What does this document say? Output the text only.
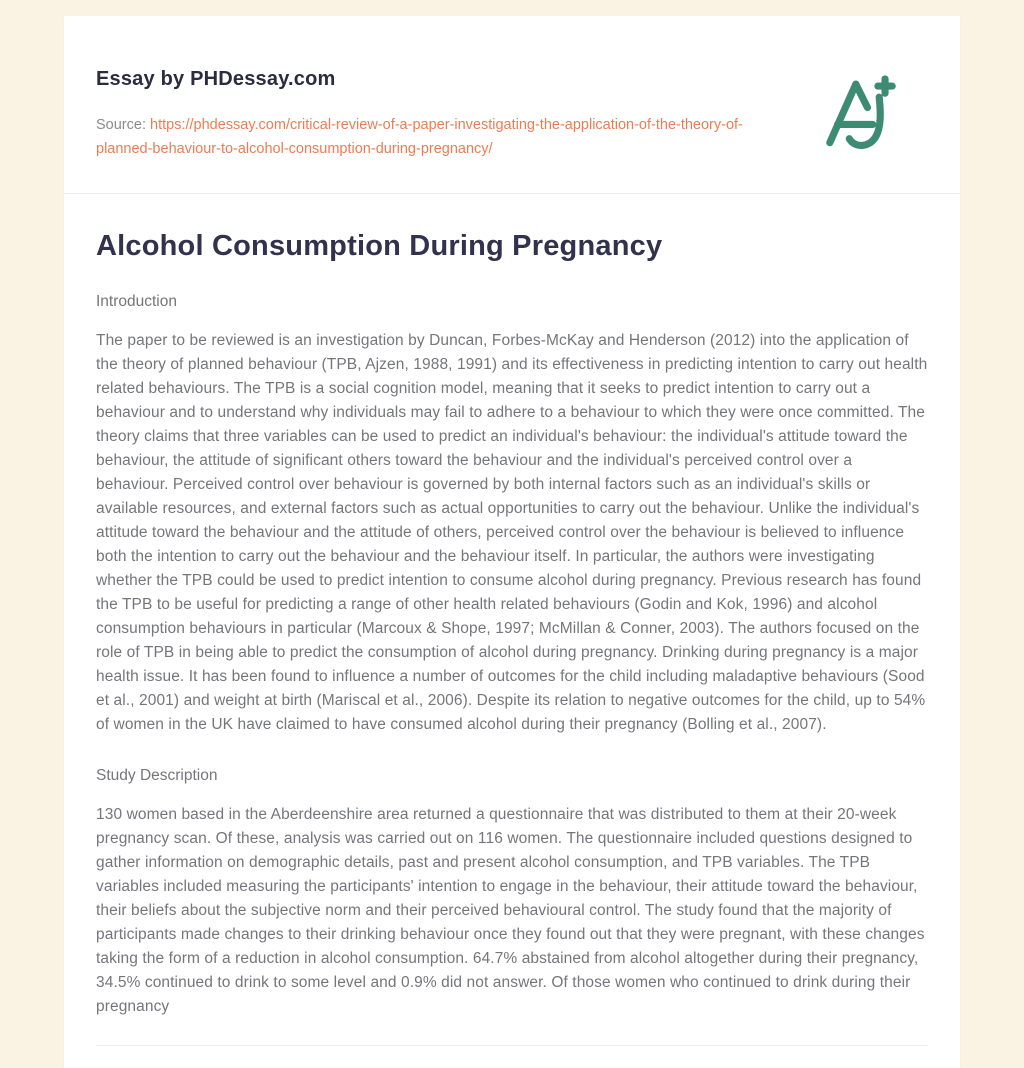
Essay by PHDessay.com
Source: https://phdessay.com/critical-review-of-a-paper-investigating-the-application-of-the-theory-of-planned-behaviour-to-alcohol-consumption-during-pregnancy/
Alcohol Consumption During Pregnancy
Introduction

The paper to be reviewed is an investigation by Duncan, Forbes-McKay and Henderson (2012) into the application of the theory of planned behaviour (TPB, Ajzen, 1988, 1991) and its effectiveness in predicting intention to carry out health related behaviours. The TPB is a social cognition model, meaning that it seeks to predict intention to carry out a behaviour and to understand why individuals may fail to adhere to a behaviour to which they were once committed. The theory claims that three variables can be used to predict an individual's behaviour: the individual's attitude toward the behaviour, the attitude of significant others toward the behaviour and the individual's perceived control over a behaviour. Perceived control over behaviour is governed by both internal factors such as an individual's skills or available resources, and external factors such as actual opportunities to carry out the behaviour. Unlike the individual's attitude toward the behaviour and the attitude of others, perceived control over the behaviour is believed to influence both the intention to carry out the behaviour and the behaviour itself. In particular, the authors were investigating whether the TPB could be used to predict intention to consume alcohol during pregnancy. Previous research has found the TPB to be useful for predicting a range of other health related behaviours (Godin and Kok, 1996) and alcohol consumption behaviours in particular (Marcoux & Shope, 1997; McMillan & Conner, 2003). The authors focused on the role of TPB in being able to predict the consumption of alcohol during pregnancy. Drinking during pregnancy is a major health issue. It has been found to influence a number of outcomes for the child including maladaptive behaviours (Sood et al., 2001) and weight at birth (Mariscal et al., 2006). Despite its relation to negative outcomes for the child, up to 54% of women in the UK have claimed to have consumed alcohol during their pregnancy (Bolling et al., 2007).

Study Description

130 women based in the Aberdeenshire area returned a questionnaire that was distributed to them at their 20-week pregnancy scan. Of these, analysis was carried out on 116 women. The questionnaire included questions designed to gather information on demographic details, past and present alcohol consumption, and TPB variables. The TPB variables included measuring the participants' intention to engage in the behaviour, their attitude toward the behaviour, their beliefs about the subjective norm and their perceived behavioural control. The study found that the majority of participants made changes to their drinking behaviour once they found out that they were pregnant, with these changes taking the form of a reduction in alcohol consumption. 64.7% abstained from alcohol altogether during their pregnancy, 34.5% continued to drink to some level and 0.9% did not answer. Of those women who continued to drink during their pregnancy
